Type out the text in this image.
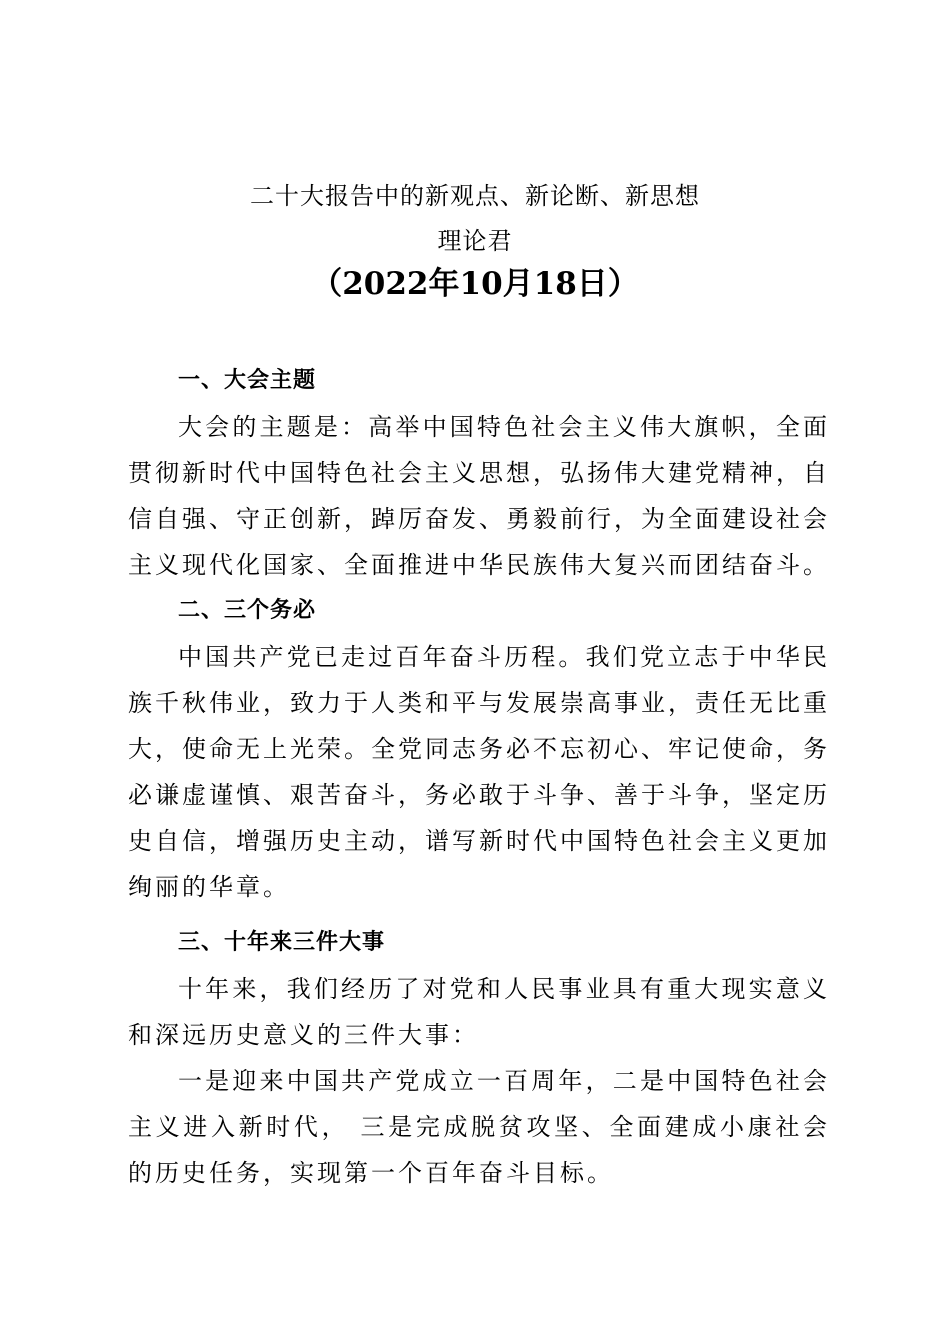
二十大报告中的新观点、新论断、新思想
理论君
（2022年10月18日）
一、大会主题

大会的主题是：高举中国特色社会主义伟大旗帜，全面贯彻新时代中国特色社会主义思想，弘扬伟大建党精神，自信自强、守正创新，踔厉奋发、勇毅前行，为全面建设社会主义现代化国家、全面推进中华民族伟大复兴而团结奋斗。

二、三个务必

中国共产党已走过百年奋斗历程。我们党立志于中华民族千秋伟业，致力于人类和平与发展崇高事业，责任无比重大，使命无上光荣。全党同志务必不忘初心、牢记使命，务必谦虚谨慎、艰苦奋斗，务必敢于斗争、善于斗争，坚定历史自信，增强历史主动，谱写新时代中国特色社会主义更加绚丽的华章。

三、十年来三件大事

十年来，我们经历了对党和人民事业具有重大现实意义和深远历史意义的三件大事：

一是迎来中国共产党成立一百周年，二是中国特色社会主义进入新时代， 三是完成脱贫攻坚、全面建成小康社会的历史任务，实现第一个百年奋斗目标。
